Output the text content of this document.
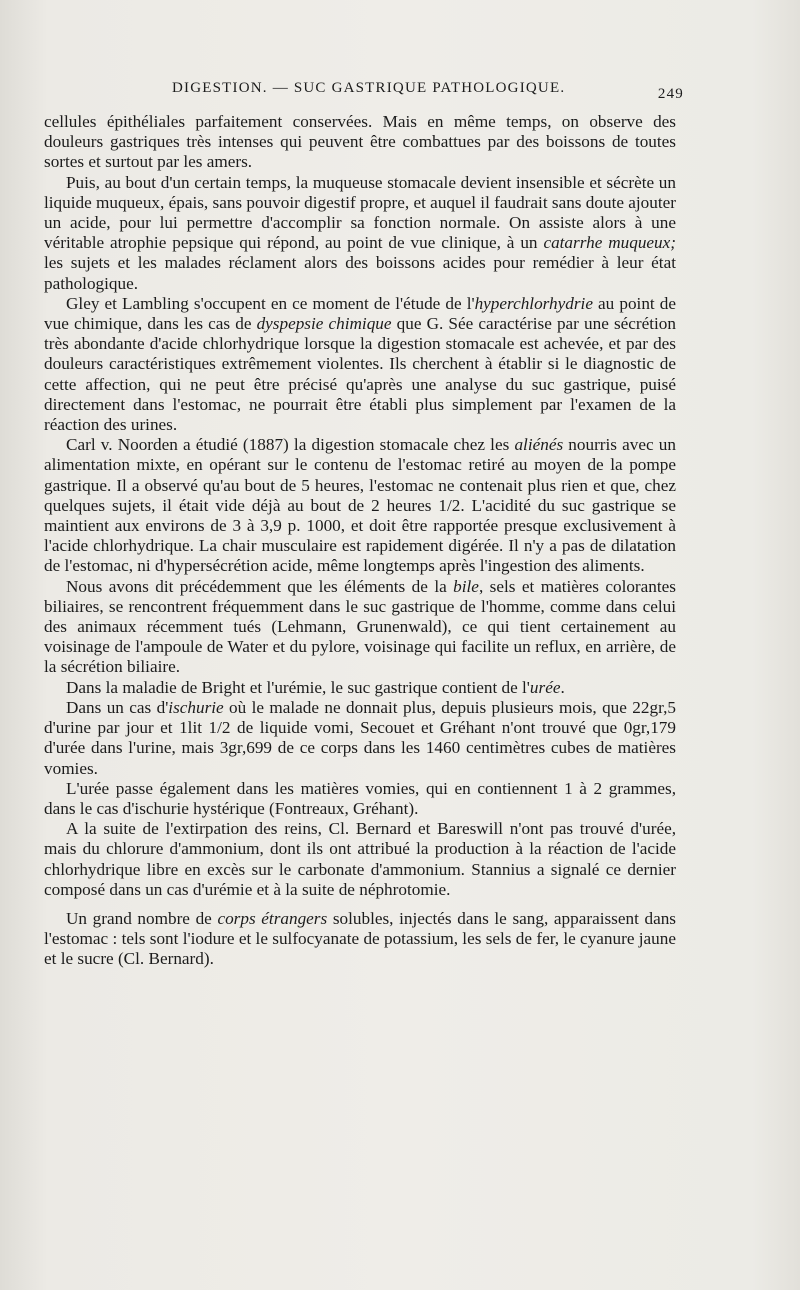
DIGESTION. — SUC GASTRIQUE PATHOLOGIQUE.	249

cellules épithéliales parfaitement conservées. Mais en même temps, on observe des douleurs gastriques très intenses qui peuvent être combattues par des boissons de toutes sortes et surtout par les amers.

Puis, au bout d'un certain temps, la muqueuse stomacale devient insensible et sécrète un liquide muqueux, épais, sans pouvoir digestif propre, et auquel il faudrait sans doute ajouter un acide, pour lui permettre d'accomplir sa fonction normale. On assiste alors à une véritable atrophie pepsique qui répond, au point de vue clinique, à un catarrhe muqueux; les sujets et les malades réclament alors des boissons acides pour remédier à leur état pathologique.

Gley et Lambling s'occupent en ce moment de l'étude de l'hyperchlorhydrie au point de vue chimique, dans les cas de dyspepsie chimique que G. Sée caractérise par une sécrétion très abondante d'acide chlorhydrique lorsque la digestion stomacale est achevée, et par des douleurs caractéristiques extrêmement violentes. Ils cherchent à établir si le diagnostic de cette affection, qui ne peut être précisé qu'après une analyse du suc gastrique, puisé directement dans l'estomac, ne pourrait être établi plus simplement par l'examen de la réaction des urines.

Carl v. Noorden a étudié (1887) la digestion stomacale chez les aliénés nourris avec un alimentation mixte, en opérant sur le contenu de l'estomac retiré au moyen de la pompe gastrique. Il a observé qu'au bout de 5 heures, l'estomac ne contenait plus rien et que, chez quelques sujets, il était vide déjà au bout de 2 heures 1/2. L'acidité du suc gastrique se maintient aux environs de 3 à 3,9 p. 1000, et doit être rapportée presque exclusivement à l'acide chlorhydrique. La chair musculaire est rapidement digérée. Il n'y a pas de dilatation de l'estomac, ni d'hypersécrétion acide, même longtemps après l'ingestion des aliments.

Nous avons dit précédemment que les éléments de la bile, sels et matières colorantes biliaires, se rencontrent fréquemment dans le suc gastrique de l'homme, comme dans celui des animaux récemment tués (Lehmann, Grunenwald), ce qui tient certainement au voisinage de l'ampoule de Water et du pylore, voisinage qui facilite un reflux, en arrière, de la sécrétion biliaire.

Dans la maladie de Bright et l'urémie, le suc gastrique contient de l'urée.

Dans un cas d'ischurie où le malade ne donnait plus, depuis plusieurs mois, que 22gr,5 d'urine par jour et 1lit 1/2 de liquide vomi, Secouet et Gréhant n'ont trouvé que 0gr,179 d'urée dans l'urine, mais 3gr,699 de ce corps dans les 1460 centimètres cubes de matières vomies.

L'urée passe également dans les matières vomies, qui en contiennent 1 à 2 grammes, dans le cas d'ischurie hystérique (Fontreaux, Gréhant).

A la suite de l'extirpation des reins, Cl. Bernard et Bareswill n'ont pas trouvé d'urée, mais du chlorure d'ammonium, dont ils ont attribué la production à la réaction de l'acide chlorhydrique libre en excès sur le carbonate d'ammonium. Stannius a signalé ce dernier composé dans un cas d'urémie et à la suite de néphrotomie.

Un grand nombre de corps étrangers solubles, injectés dans le sang, apparaissent dans l'estomac : tels sont l'iodure et le sulfocyanate de potassium, les sels de fer, le cyanure jaune et le sucre (Cl. Bernard).
